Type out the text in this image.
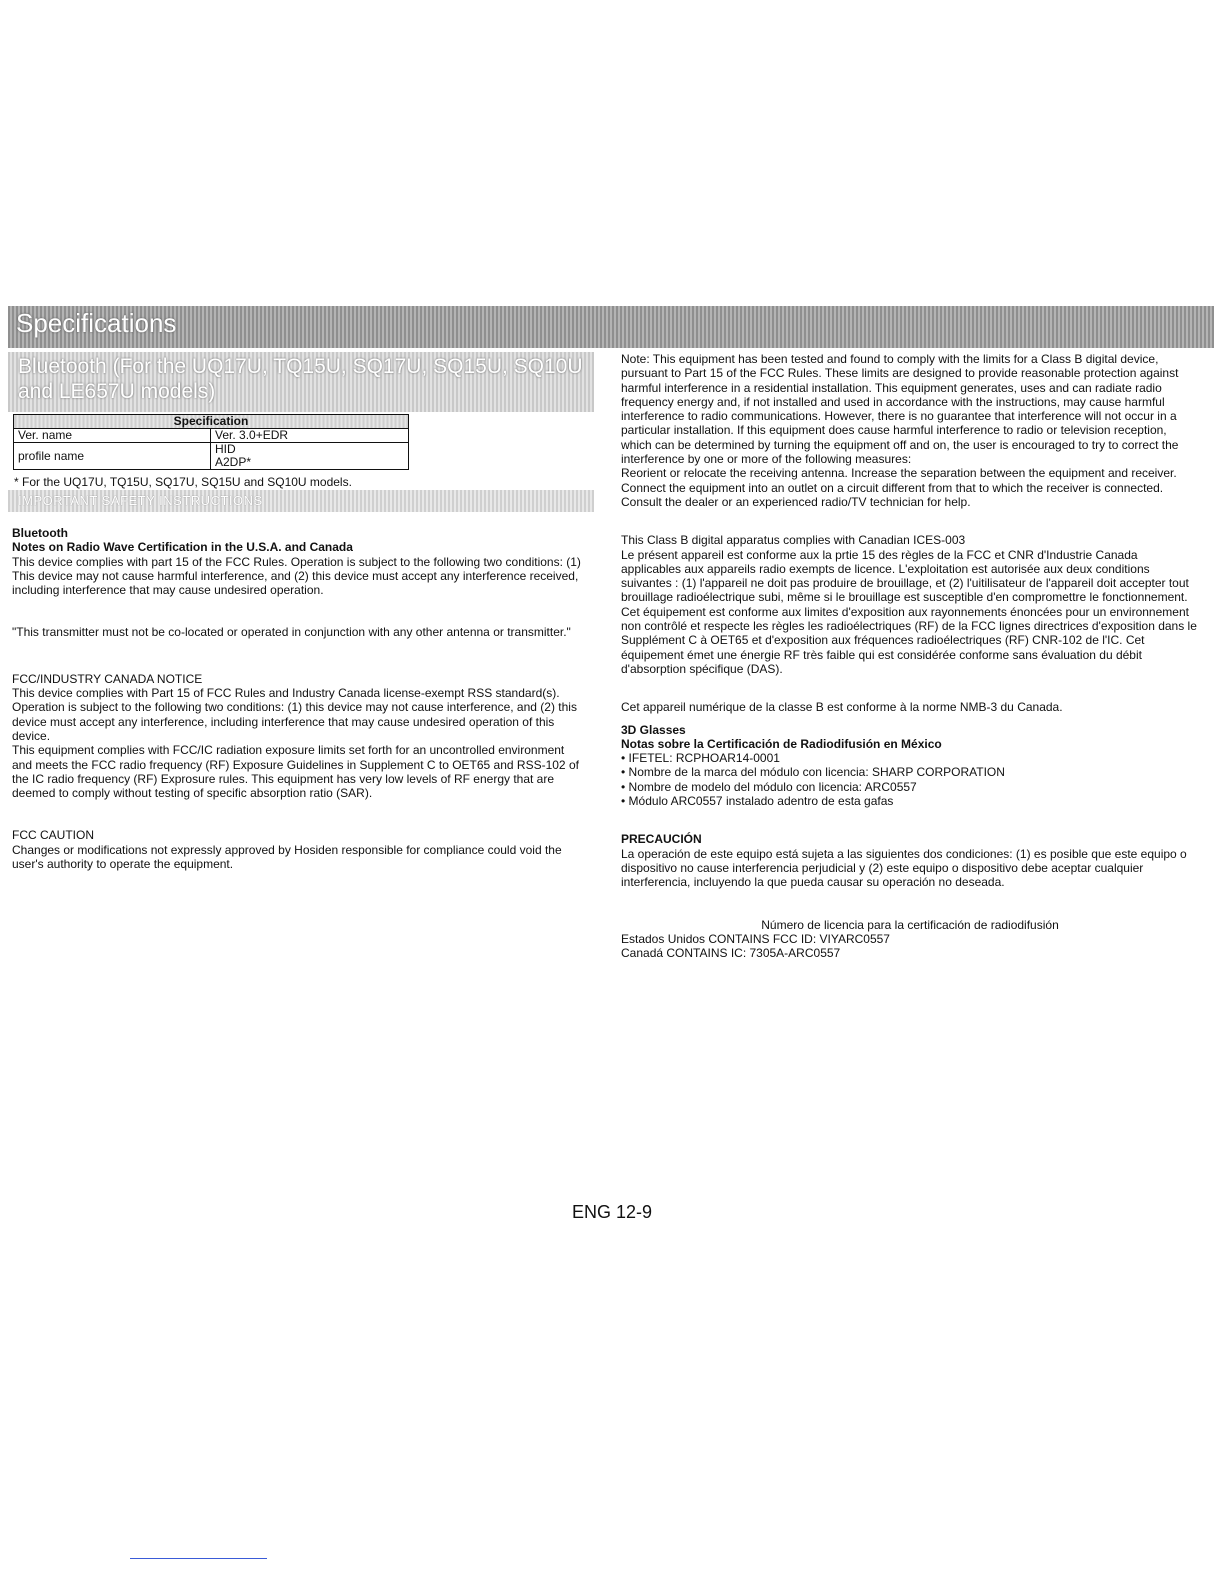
Specifications
Bluetooth (For the UQ17U, TQ15U, SQ17U, SQ15U, SQ10U and LE657U models)
Specification	
Ver. name	Ver. 3.0+EDR
profile name	HID
A2DP*
* For the UQ17U, TQ15U, SQ17U, SQ15U and SQ10U models.
IMPORTANT SAFETY INSTRUCTIONS

Bluetooth

Notes on Radio Wave Certification in the U.S.A. and Canada

This device complies with part 15 of the FCC Rules. Operation is subject to the following two conditions: (1) This device may not cause harmful interference, and (2) this device must accept any interference received, including interference that may cause undesired operation.

"This transmitter must not be co-located or operated in conjunction with any other antenna or transmitter."

FCC/INDUSTRY CANADA NOTICE

This device complies with Part 15 of FCC Rules and Industry Canada license-exempt RSS standard(s). Operation is subject to the following two conditions: (1) this device may not cause interference, and (2) this device must accept any interference, including interference that may cause undesired operation of this device.

This equipment complies with FCC/IC radiation exposure limits set forth for an uncontrolled environment and meets the FCC radio frequency (RF) Exposure Guidelines in Supplement C to OET65 and RSS-102 of the IC radio frequency (RF) Exprosure rules. This equipment has very low levels of RF energy that are deemed to comply without testing of specific absorption ratio (SAR).

FCC CAUTION

Changes or modifications not expressly approved by Hosiden responsible for compliance could void the user's authority to operate the equipment.

Note: This equipment has been tested and found to comply with the limits for a Class B digital device, pursuant to Part 15 of the FCC Rules. These limits are designed to provide reasonable protection against harmful interference in a residential installation. This equipment generates, uses and can radiate radio frequency energy and, if not installed and used in accordance with the instructions, may cause harmful interference to radio communications. However, there is no guarantee that interference will not occur in a particular installation. If this equipment does cause harmful interference to radio or television reception, which can be determined by turning the equipment off and on, the user is encouraged to try to correct the interference by one or more of the following measures:

Reorient or relocate the receiving antenna. Increase the separation between the equipment and receiver. Connect the equipment into an outlet on a circuit different from that to which the receiver is connected. Consult the dealer or an experienced radio/TV technician for help.

This Class B digital apparatus complies with Canadian ICES-003

Le présent appareil est conforme aux la prtie 15 des règles de la FCC et CNR d'Industrie Canada applicables aux appareils radio exempts de licence. L'exploitation est autorisée aux deux conditions suivantes : (1) l'appareil ne doit pas produire de brouillage, et (2) l'uitilisateur de l'appareil doit accepter tout brouillage radioélectrique subi, même si le brouillage est susceptible d'en compromettre le fonctionnement.

Cet équipement est conforme aux limites d'exposition aux rayonnements énoncées pour un environnement non contrôlé et respecte les règles les radioélectriques (RF) de la FCC lignes directrices d'exposition dans le Supplément C à OET65 et d'exposition aux fréquences radioélectriques (RF) CNR-102 de l'IC. Cet équipement émet une énergie RF très faible qui est considérée conforme sans évaluation du débit d'absorption spécifique (DAS).

Cet appareil numérique de la classe B est conforme à la norme NMB-3 du Canada.

3D Glasses

Notas sobre la Certificación de Radiodifusión en México

• IFETEL: RCPHOAR14-0001
• Nombre de la marca del módulo con licencia: SHARP CORPORATION
• Nombre de modelo del módulo con licencia: ARC0557
• Módulo ARC0557 instalado adentro de esta gafas

PRECAUCIÓN

La operación de este equipo está sujeta a las siguientes dos condiciones: (1) es posible que este equipo o dispositivo no cause interferencia perjudicial y (2) este equipo o dispositivo debe aceptar cualquier interferencia, incluyendo la que pueda causar su operación no deseada.

Número de licencia para la certificación de radiodifusión

Estados Unidos CONTAINS FCC ID: VIYARC0557

Canadá CONTAINS IC: 7305A-ARC0557

ENG 12-9
